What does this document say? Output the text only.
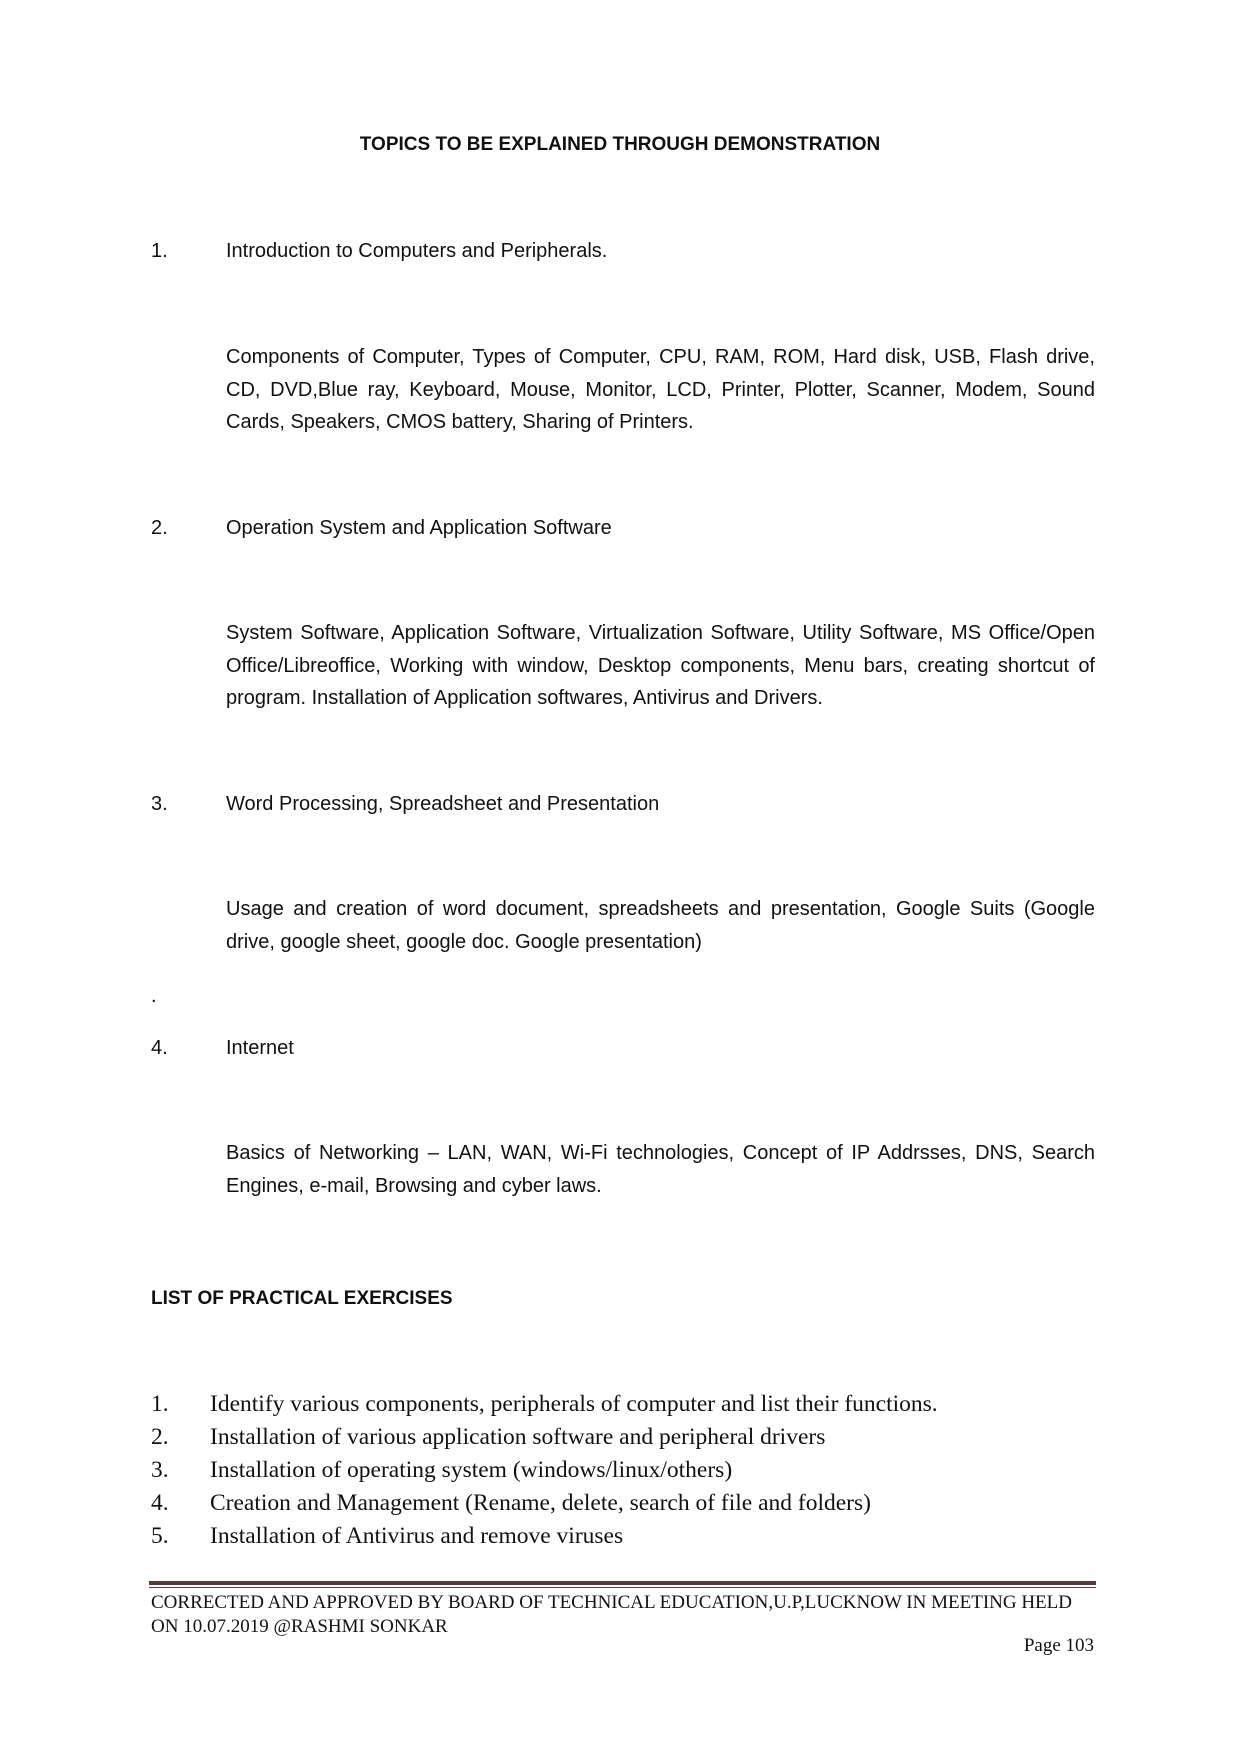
TOPICS TO BE EXPLAINED THROUGH DEMONSTRATION
1.	Introduction to Computers and Peripherals.
Components of Computer, Types of Computer, CPU, RAM, ROM, Hard disk, USB, Flash drive, CD, DVD,Blue ray, Keyboard, Mouse, Monitor, LCD, Printer, Plotter, Scanner, Modem, Sound Cards, Speakers, CMOS battery, Sharing of Printers.
2.	Operation System and Application Software
System Software, Application Software, Virtualization Software, Utility Software, MS Office/Open Office/Libreoffice, Working with window, Desktop components, Menu bars, creating shortcut of program. Installation of Application softwares, Antivirus and Drivers.
3.	Word Processing, Spreadsheet and Presentation
Usage and creation of word document, spreadsheets and presentation, Google Suits (Google drive, google sheet, google doc. Google presentation)
.
4.	Internet
Basics of Networking – LAN, WAN, Wi-Fi technologies, Concept of IP Addrsses, DNS, Search Engines, e-mail, Browsing and cyber laws.
LIST OF PRACTICAL EXERCISES
1. Identify various components, peripherals of computer and list their functions.
2. Installation of various application software and peripheral drivers
3. Installation of operating system (windows/linux/others)
4. Creation and Management (Rename, delete, search of file and folders)
5. Installation of Antivirus and remove viruses
CORRECTED AND APPROVED BY BOARD OF TECHNICAL EDUCATION,U.P,LUCKNOW IN MEETING HELD ON 10.07.2019 @RASHMI SONKAR
Page 103
